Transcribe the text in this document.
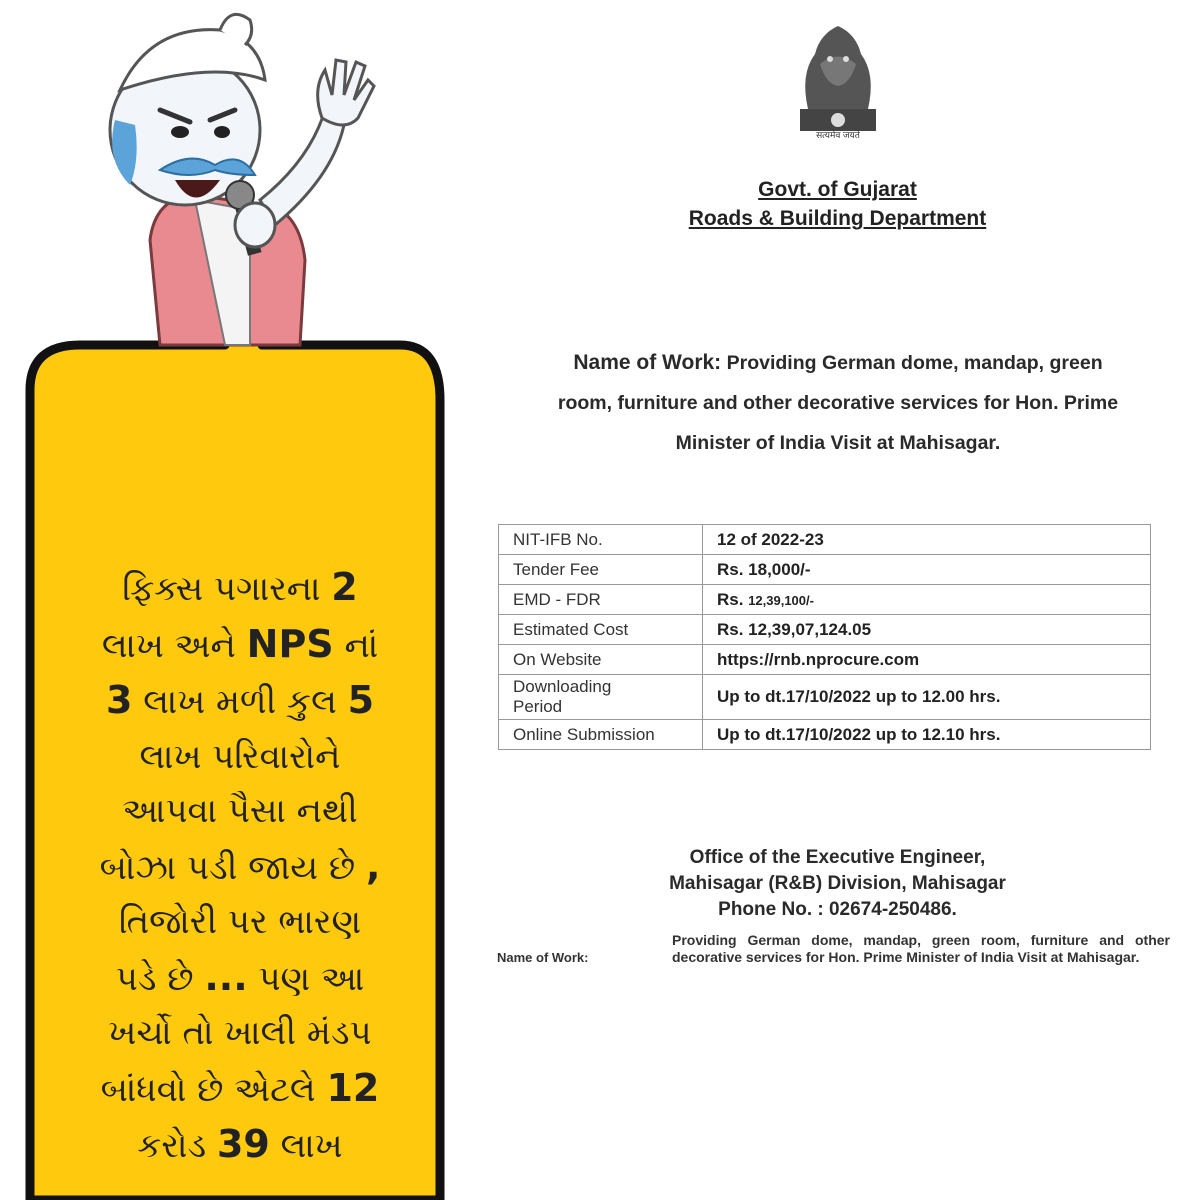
ફિક્સ પગારના 2
લાખ અને NPS નાં
3 લાખ મળી કુલ 5
લાખ પરિવારોને
આપવા પૈસા નથી
બોઝા પડી જાય છે ,
તિજોરી પર ભારણ
પડે છે ... પણ આ
ખર્ચો તો ખાલી મંડપ
બાંધવો છે એટલે 12
કરોડ 39 લાખ
सत्यमेव जयते
Govt. of Gujarat
Roads & Building Department
Name of Work: Providing German dome, mandap, green
room, furniture and other decorative services for Hon. Prime
Minister of India Visit at Mahisagar.
NIT-IFB No.	12 of 2022-23
Tender Fee	Rs. 18,000/-
EMD - FDR	Rs. 12,39,100/-
Estimated Cost	Rs. 12,39,07,124.05
On Website	https://rnb.nprocure.com
Downloading
Period	Up to dt.17/10/2022 up to 12.00 hrs.
Online Submission	Up to dt.17/10/2022 up to 12.10 hrs.
Office of the Executive Engineer,
Mahisagar (R&B) Division, Mahisagar
Phone No. : 02674-250486.
Name of Work:
Providing German dome, mandap, green room, furniture and other decorative services for Hon. Prime Minister of India Visit at Mahisagar.
